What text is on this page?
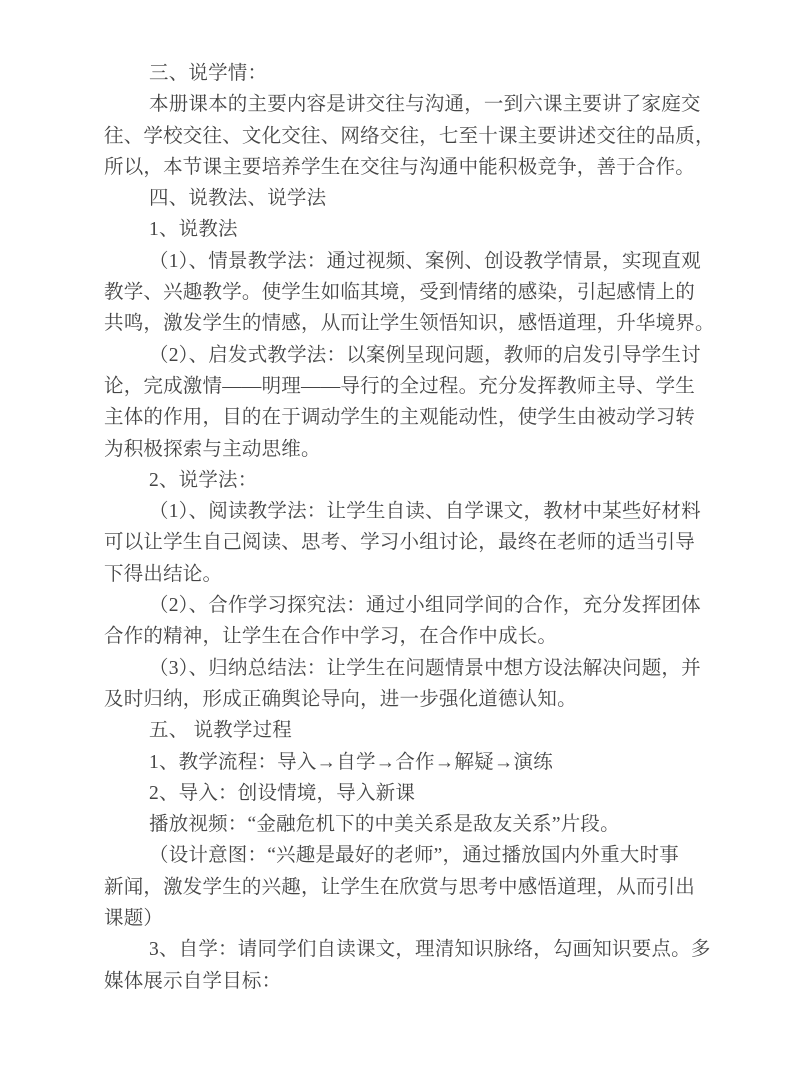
三、说学情：
本册课本的主要内容是讲交往与沟通，一到六课主要讲了家庭交
往、学校交往、文化交往、网络交往，七至十课主要讲述交往的品质，
所以，本节课主要培养学生在交往与沟通中能积极竞争，善于合作。
四、说教法、说学法
1、说教法
（1）、情景教学法：通过视频、案例、创设教学情景，实现直观
教学、兴趣教学。使学生如临其境，受到情绪的感染，引起感情上的
共鸣，激发学生的情感，从而让学生领悟知识，感悟道理，升华境界。
（2）、启发式教学法：以案例呈现问题，教师的启发引导学生讨
论，完成激情——明理——导行的全过程。充分发挥教师主导、学生
主体的作用，目的在于调动学生的主观能动性，使学生由被动学习转
为积极探索与主动思维。
2、说学法：
（1）、阅读教学法：让学生自读、自学课文，教材中某些好材料
可以让学生自己阅读、思考、学习小组讨论，最终在老师的适当引导
下得出结论。
（2）、合作学习探究法：通过小组同学间的合作，充分发挥团体
合作的精神，让学生在合作中学习，在合作中成长。
（3）、归纳总结法：让学生在问题情景中想方设法解决问题，并
及时归纳，形成正确舆论导向，进一步强化道德认知。
五、 说教学过程
1、教学流程：导入→自学→合作→解疑→演练
2、导入：创设情境，导入新课
播放视频：“金融危机下的中美关系是敌友关系”片段。
（设计意图：“兴趣是最好的老师”，通过播放国内外重大时事
新闻，激发学生的兴趣，让学生在欣赏与思考中感悟道理，从而引出
课题）
3、自学：请同学们自读课文，理清知识脉络，勾画知识要点。多
媒体展示自学目标：
